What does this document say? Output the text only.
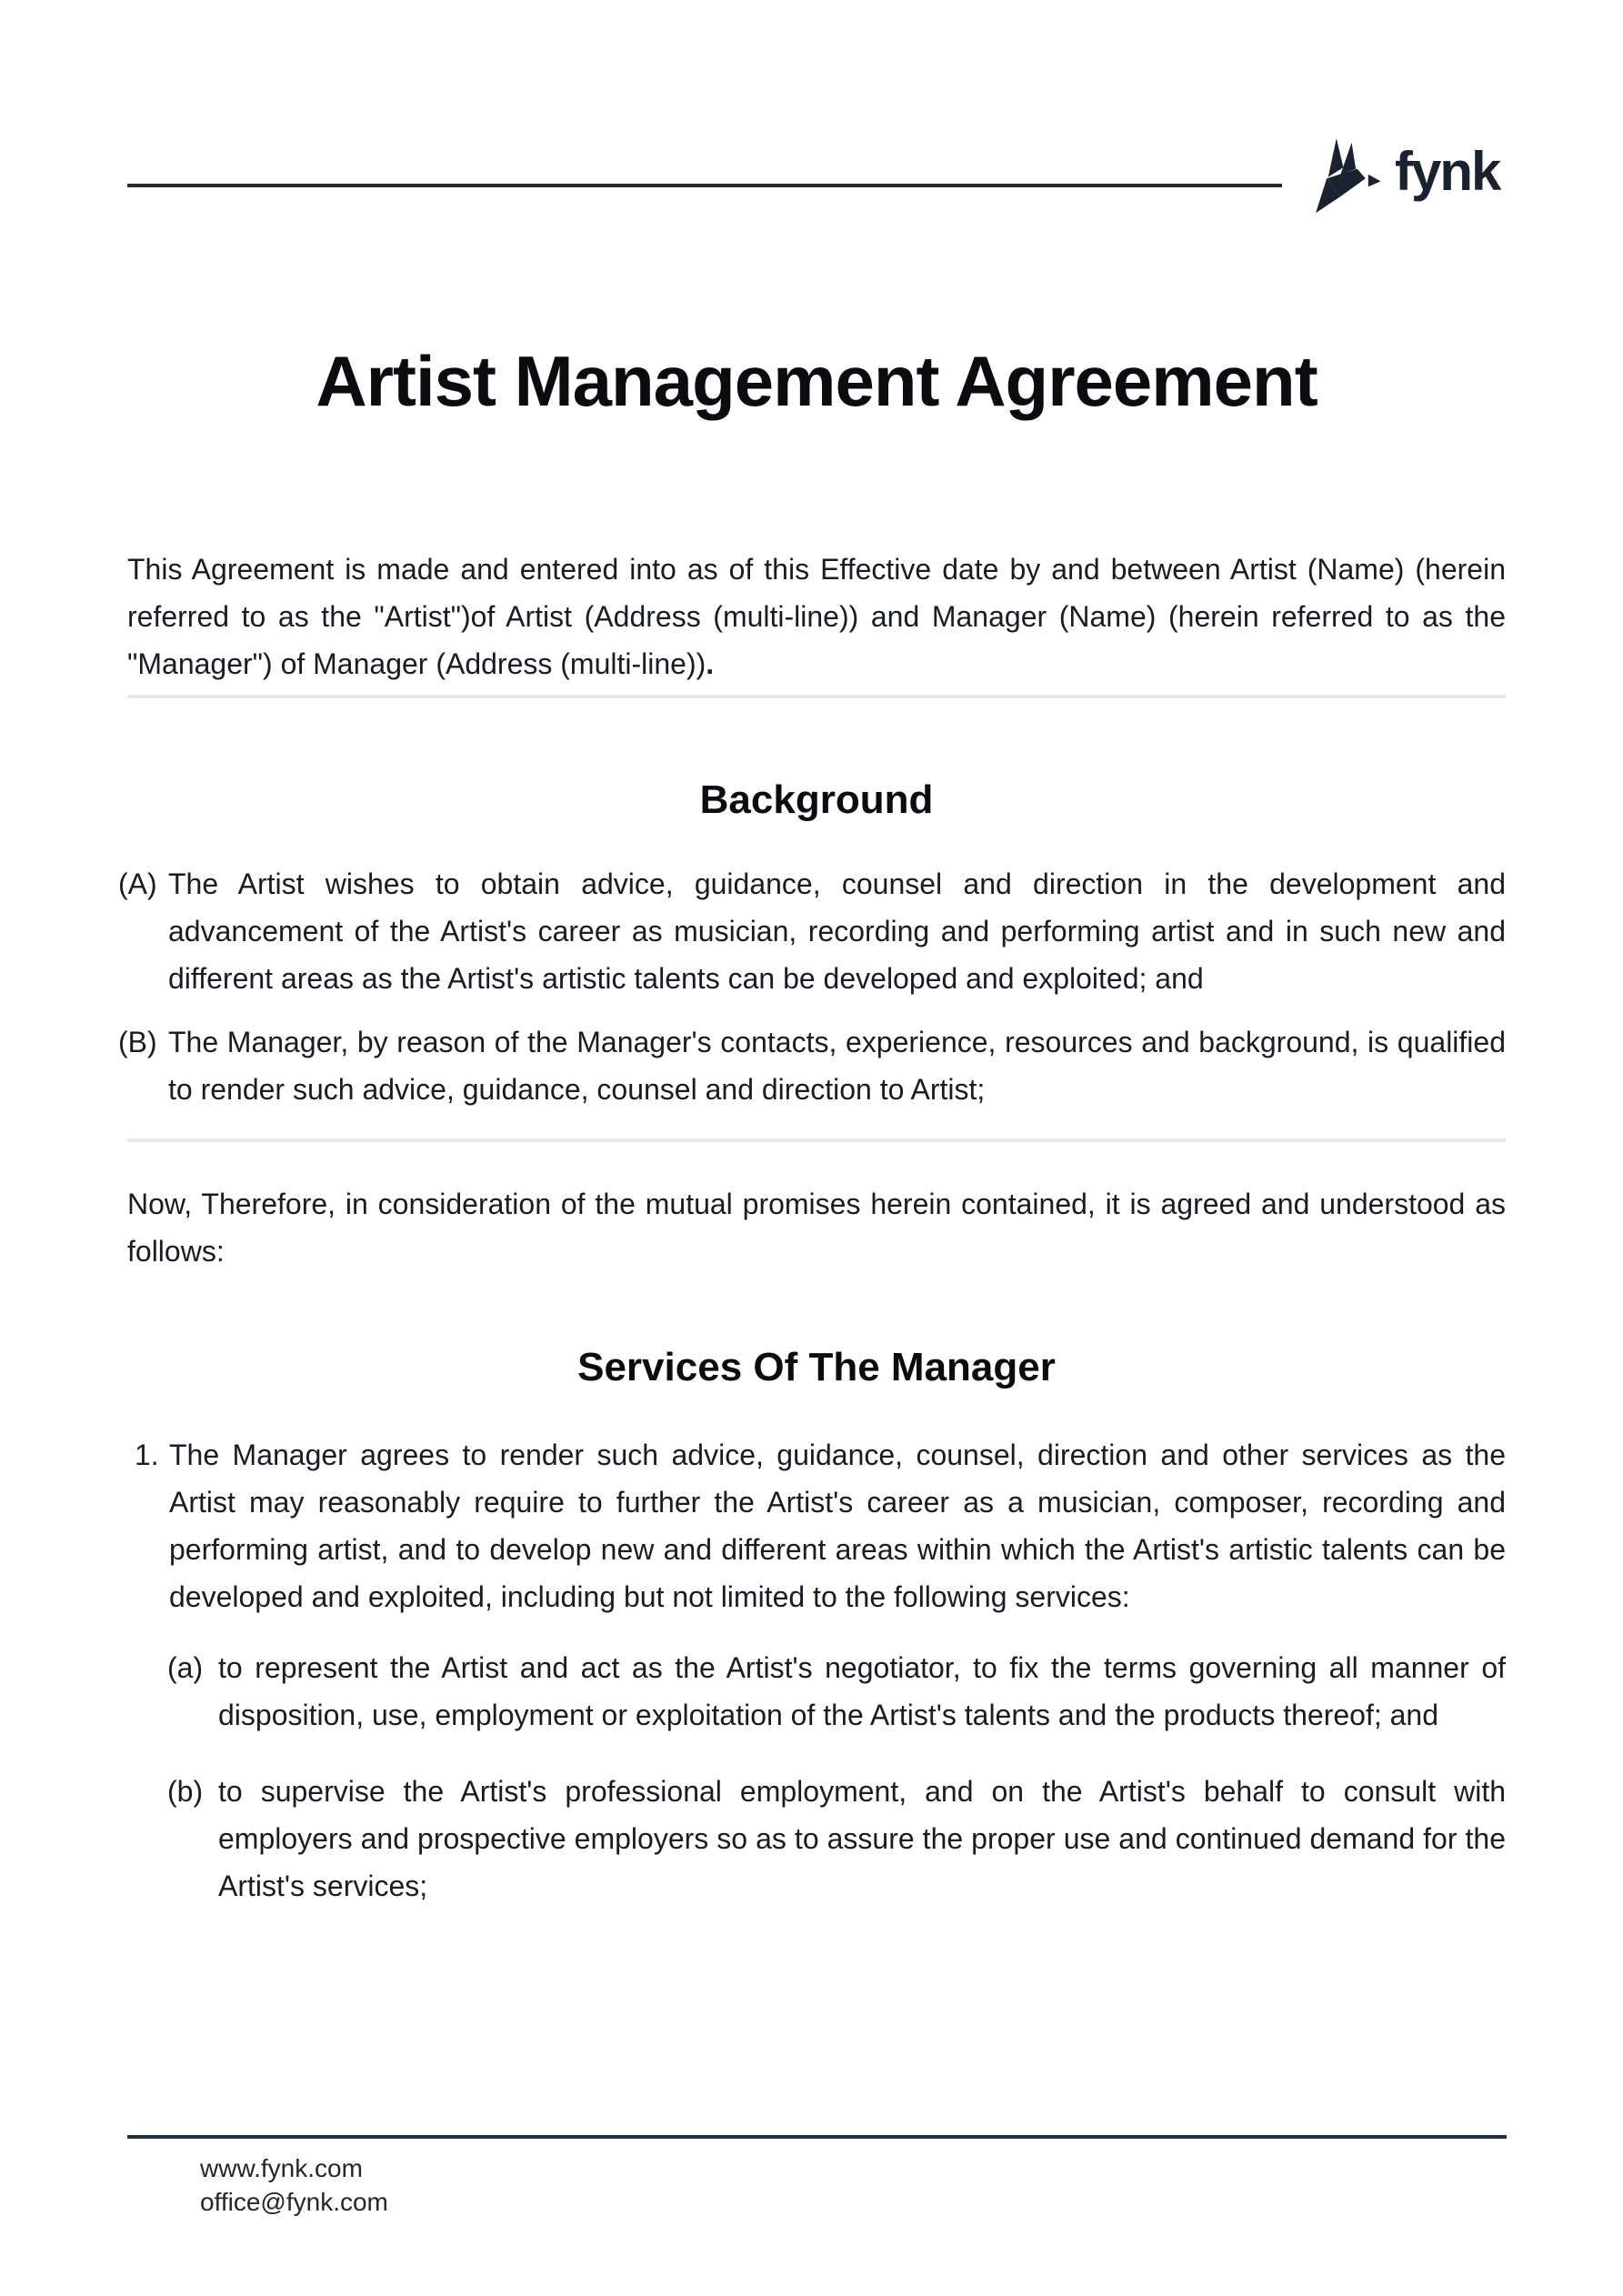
fynk
Artist Management Agreement

This Agreement is made and entered into as of this Effective date by and between Artist (Name) (herein referred to as the "Artist")of Artist (Address (multi-line)) and Manager (Name) (herein referred to as the "Manager") of Manager (Address (multi-line)).

Background
(A) The Artist wishes to obtain advice, guidance, counsel and direction in the development and advancement of the Artist's career as musician, recording and performing artist and in such new and different areas as the Artist's artistic talents can be developed and exploited; and
(B) The Manager, by reason of the Manager's contacts, experience, resources and background, is qualified to render such advice, guidance, counsel and direction to Artist;

Now, Therefore, in consideration of the mutual promises herein contained, it is agreed and understood as follows:

Services Of The Manager
1. The Manager agrees to render such advice, guidance, counsel, direction and other services as the Artist may reasonably require to further the Artist's career as a musician, composer, recording and performing artist, and to develop new and different areas within which the Artist's artistic talents can be developed and exploited, including but not limited to the following services:
(a) to represent the Artist and act as the Artist's negotiator, to fix the terms governing all manner of disposition, use, employment or exploitation of the Artist's talents and the products thereof; and
(b) to supervise the Artist's professional employment, and on the Artist's behalf to consult with employers and prospective employers so as to assure the proper use and continued demand for the Artist's services;
www.fynk.com
office@fynk.com
